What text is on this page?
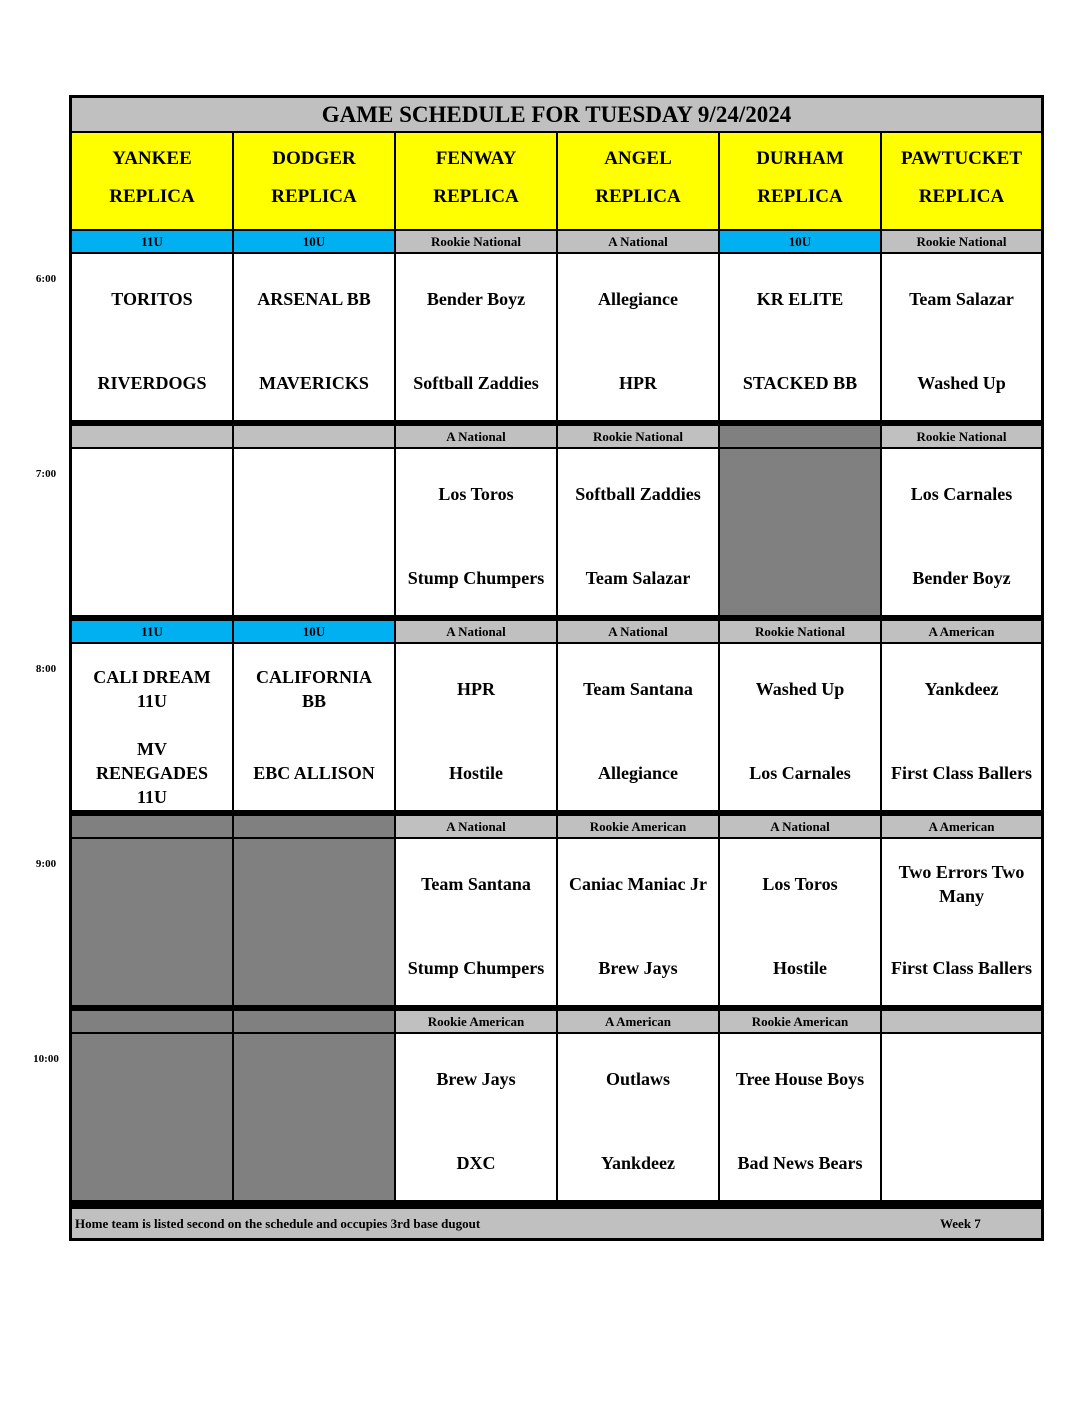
GAME SCHEDULE FOR TUESDAY 9/24/2024
YANKEE
REPLICA
DODGER
REPLICA
FENWAY
REPLICA
ANGEL
REPLICA
DURHAM
REPLICA
PAWTUCKET
REPLICA
11U
TORITOS
RIVERDOGS
10U
ARSENAL BB
MAVERICKS
Rookie National
Bender Boyz
Softball Zaddies
A National
Allegiance
HPR
10U
KR ELITE
STACKED BB
Rookie National
Team Salazar
Washed Up
A National
Los Toros
Stump Chumpers
Rookie National
Softball Zaddies
Team Salazar
Rookie National
Los Carnales
Bender Boyz
11U
CALI DREAM
11U
MV
RENEGADES
11U
10U
CALIFORNIA
BB
EBC ALLISON
A National
HPR
Hostile
A National
Team Santana
Allegiance
Rookie National
Washed Up
Los Carnales
A American
Yankdeez
First Class Ballers
A National
Team Santana
Stump Chumpers
Rookie American
Caniac Maniac Jr
Brew Jays
A National
Los Toros
Hostile
A American
Two Errors Two
Many
First Class Ballers
Rookie American
Brew Jays
DXC
A American
Outlaws
Yankdeez
Rookie American
Tree House Boys
Bad News Bears
Home team is listed second on the schedule and occupies 3rd base dugout	Week 7
6:00
7:00
8:00
9:00
10:00
